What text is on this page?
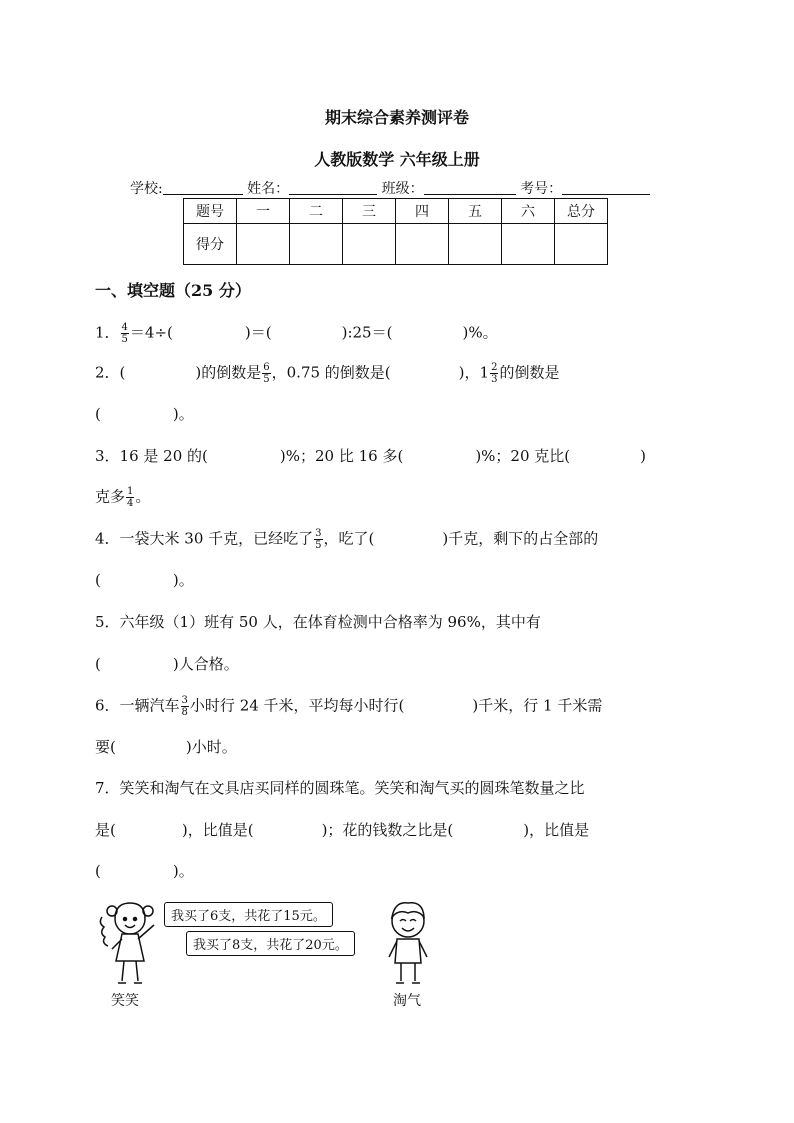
期末综合素养测评卷
人教版数学 六年级上册
学校:	姓名：	班级：	考号：
题号	一	二	三	四	五	六	总分
得分							
一、填空题（25 分）
1． $\frac{4}{5} =4\div$(	)＝(	):25＝(	)%。
2．(	)的倒数是 $\frac{6}{5}$ ，0.75 的倒数是(	)，$1 \frac{2}{3}$ 的倒数是
(	)。
3．16 是 20 的(	)%；20 比 16 多(	)%；20 克比(	)
克多 $\frac{1}{4}$ 。
4．一袋大米 30 千克，已经吃了 $\frac{3}{5}$ ，吃了(	)千克，剩下的占全部的
(	)。
5．六年级（1）班有 50 人，在体育检测中合格率为 96%，其中有
(	)人合格。
6．一辆汽车 $\frac{3}{8}$ 小时行 24 千米，平均每小时行(	)千米，行 1 千米需
要(	)小时。
7．笑笑和淘气在文具店买同样的圆珠笔。笑笑和淘气买的圆珠笔数量之比
是(	)，比值是(	)；花的钱数之比是(	)，比值是
(	)。
我买了6支，共花了15元。
我买了8支，共花了20元。
笑笑	淘气
